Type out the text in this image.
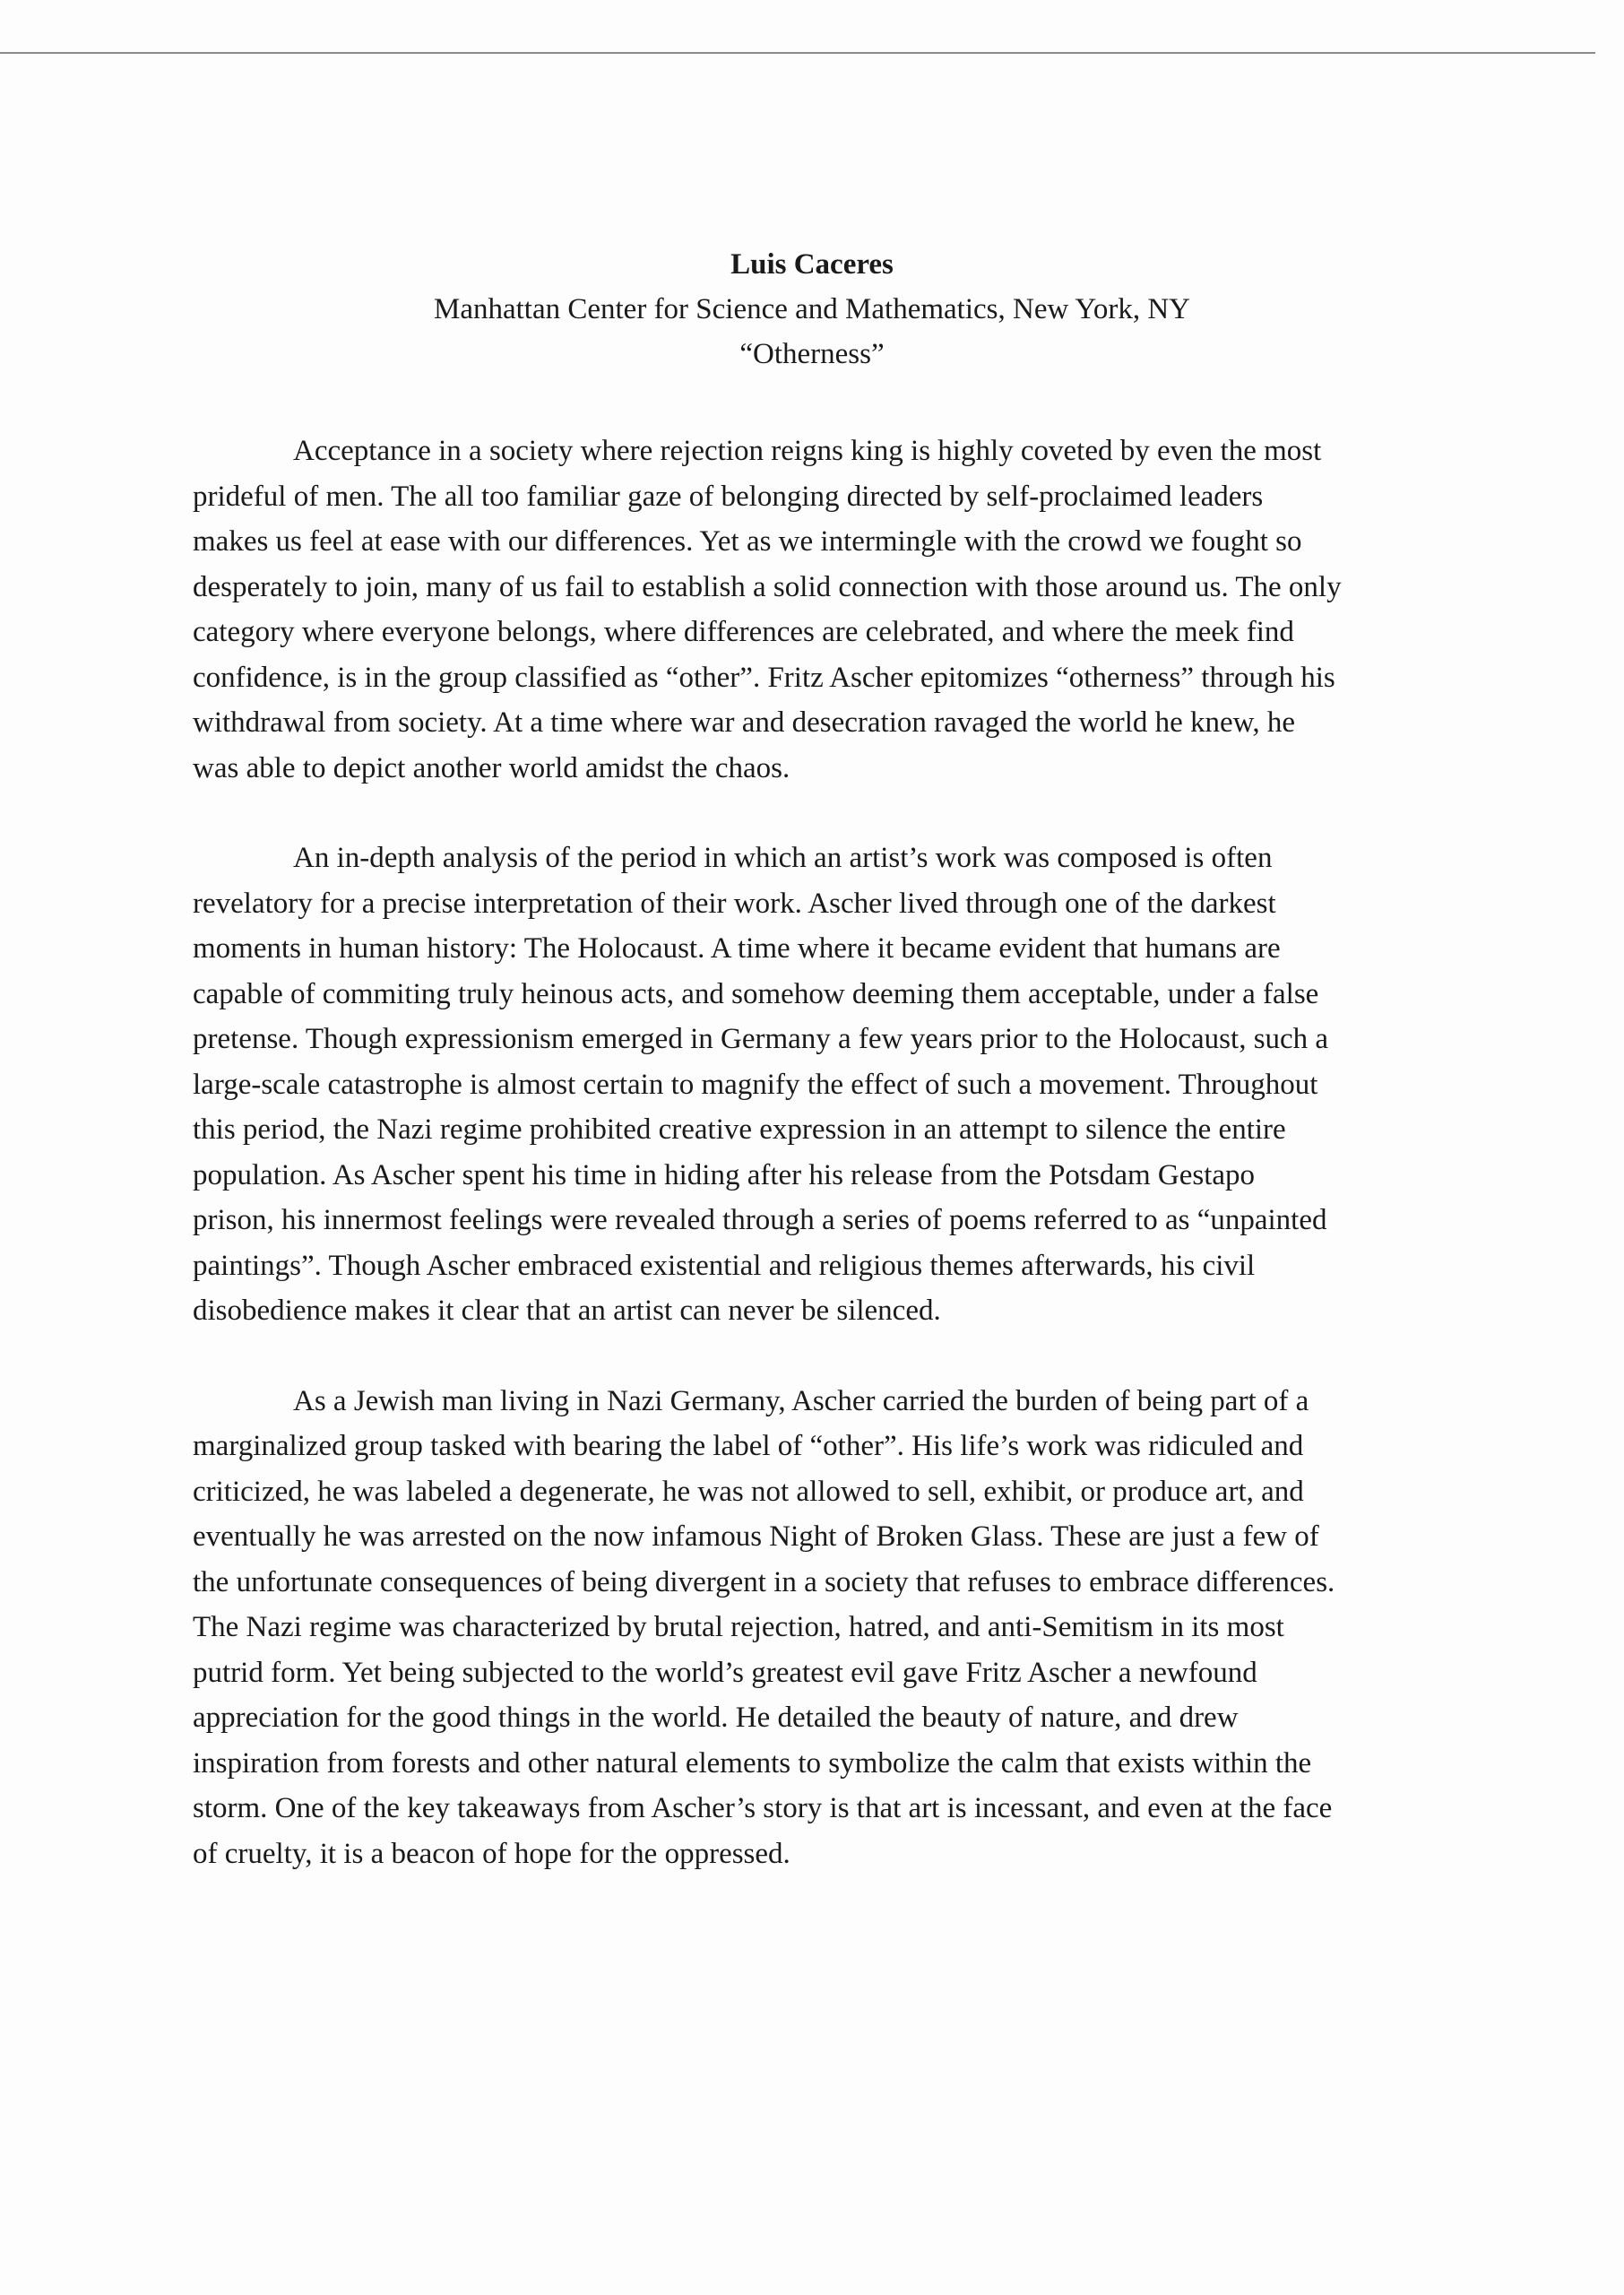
Luis Caceres
Manhattan Center for Science and Mathematics, New York, NY
“Otherness”

Acceptance in a society where rejection reigns king is highly coveted by even the most
prideful of men. The all too familiar gaze of belonging directed by self-proclaimed leaders
makes us feel at ease with our differences. Yet as we intermingle with the crowd we fought so
desperately to join, many of us fail to establish a solid connection with those around us. The only
category where everyone belongs, where differences are celebrated, and where the meek find
confidence, is in the group classified as “other”. Fritz Ascher epitomizes “otherness” through his
withdrawal from society. At a time where war and desecration ravaged the world he knew, he
was able to depict another world amidst the chaos.

An in-depth analysis of the period in which an artist’s work was composed is often
revelatory for a precise interpretation of their work. Ascher lived through one of the darkest
moments in human history: The Holocaust. A time where it became evident that humans are
capable of commiting truly heinous acts, and somehow deeming them acceptable, under a false
pretense. Though expressionism emerged in Germany a few years prior to the Holocaust, such a
large-scale catastrophe is almost certain to magnify the effect of such a movement. Throughout
this period, the Nazi regime prohibited creative expression in an attempt to silence the entire
population. As Ascher spent his time in hiding after his release from the Potsdam Gestapo
prison, his innermost feelings were revealed through a series of poems referred to as “unpainted
paintings”. Though Ascher embraced existential and religious themes afterwards, his civil
disobedience makes it clear that an artist can never be silenced.

As a Jewish man living in Nazi Germany, Ascher carried the burden of being part of a
marginalized group tasked with bearing the label of “other”. His life’s work was ridiculed and
criticized, he was labeled a degenerate, he was not allowed to sell, exhibit, or produce art, and
eventually he was arrested on the now infamous Night of Broken Glass. These are just a few of
the unfortunate consequences of being divergent in a society that refuses to embrace differences.
The Nazi regime was characterized by brutal rejection, hatred, and anti-Semitism in its most
putrid form. Yet being subjected to the world’s greatest evil gave Fritz Ascher a newfound
appreciation for the good things in the world. He detailed the beauty of nature, and drew
inspiration from forests and other natural elements to symbolize the calm that exists within the
storm. One of the key takeaways from Ascher’s story is that art is incessant, and even at the face
of cruelty, it is a beacon of hope for the oppressed.
